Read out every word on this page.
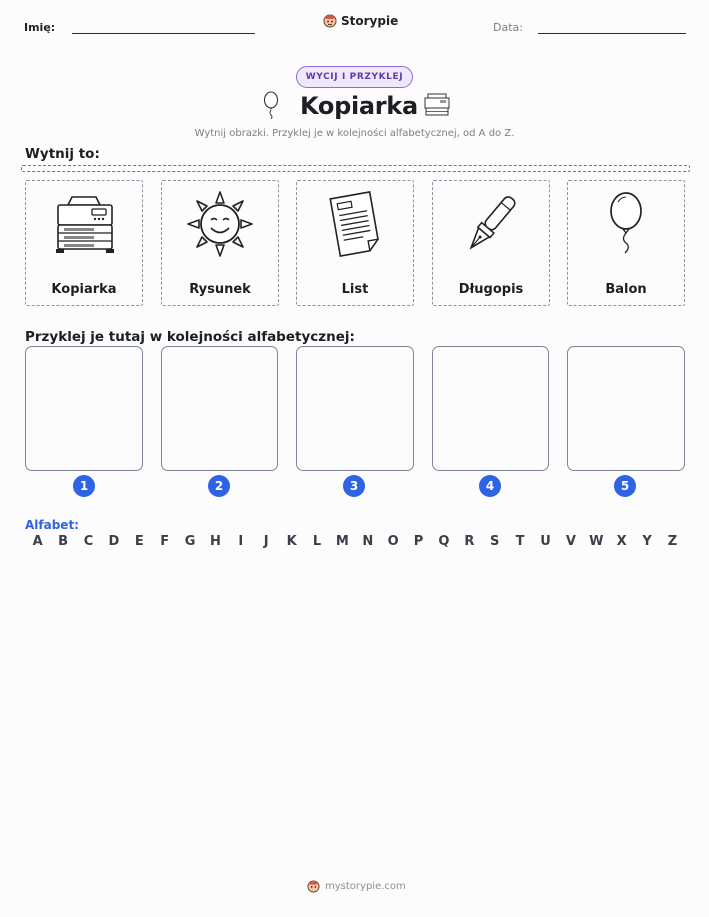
Imię:	Storypie	Data:
WYCIJ I PRZYKLEJ
Kopiarka
Wytnij obrazki. Przyklej je w kolejności alfabetycznej, od A do Z.
Wytnij to:
Kopiarka	Rysunek	List	Długopis	Balon
Przyklej je tutaj w kolejności alfabetycznej:
1	2	3	4	5
Alfabet:
A	B	C	D	E	F	G	H	I	J	K	L	M	N	O	P	Q	R	S	T	U	V	W	X	Y	Z
mystorypie.com
